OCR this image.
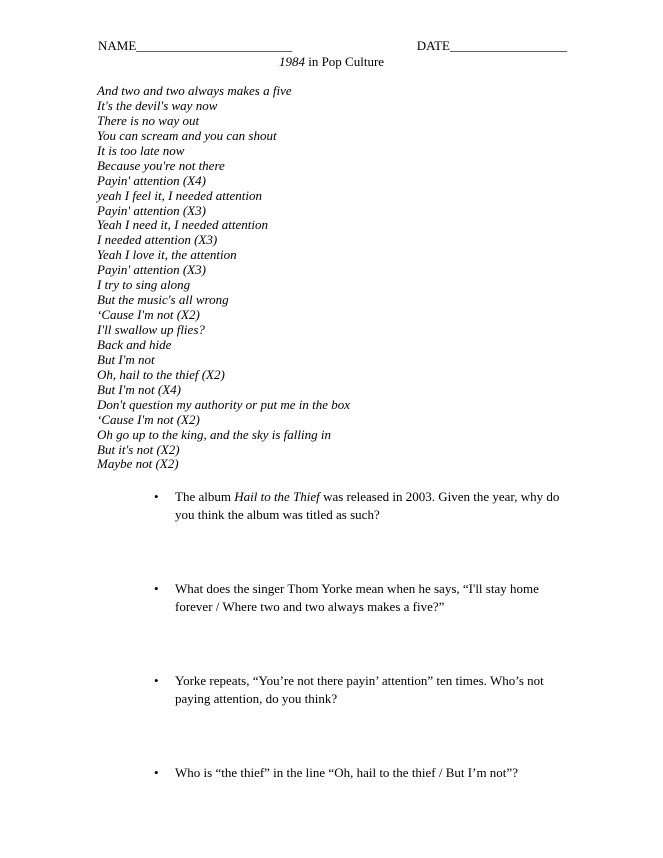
NAME________________________	DATE__________________
1984 in Pop Culture
And two and two always makes a five
It's the devil's way now
There is no way out
You can scream and you can shout
It is too late now
Because you're not there
Payin' attention (X4)
yeah I feel it, I needed attention
Payin' attention (X3)
Yeah I need it, I needed attention
I needed attention (X3)
Yeah I love it, the attention
Payin' attention (X3)
I try to sing along
But the music's all wrong
‘Cause I'm not (X2)
I'll swallow up flies?
Back and hide
But I'm not
Oh, hail to the thief (X2)
But I'm not (X4)
Don't question my authority or put me in the box
‘Cause I'm not (X2)
Oh go up to the king, and the sky is falling in
But it's not (X2)
Maybe not (X2)
•	The album Hail to the Thief was released in 2003. Given the year, why do you think the album was titled as such?
•	What does the singer Thom Yorke mean when he says, “I'll stay home forever / Where two and two always makes a five?”
•	Yorke repeats, “You’re not there payin’ attention” ten times. Who’s not paying attention, do you think?
•	Who is “the thief” in the line “Oh, hail to the thief / But I’m not”?
